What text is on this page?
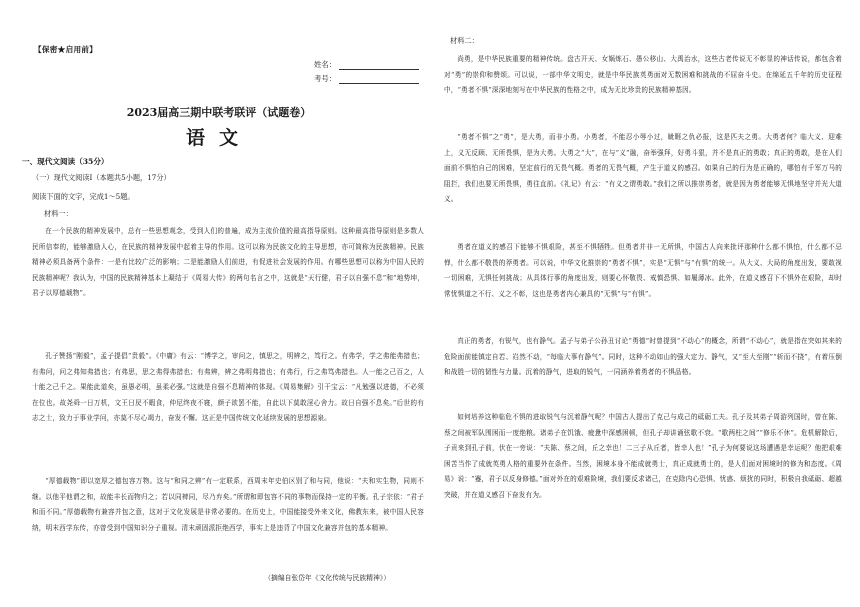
【保密★启用前】
姓名：
考号：
2023届高三期中联考联评（试题卷）
语文
一、现代文阅读（35分）
（一）现代文阅读Ⅰ（本题共5小题，17分）
阅读下面的文字，完成1～5题。
材料一：
在一个民族的精神发展中，总有一些思想观念，受到人们的普遍，成为主流价值的最高指导原则。这种最高指导原则是多数人民所信奉的，能够激励人心，在民族的精神发展中起着主导的作用。这可以称为民族文化的主导思想，亦可简称为民族精神。民族精神必须具备两个条件：一是有比较广泛的影响；二是能激励人们前进，有促进社会发展的作用。有哪些思想可以称为中国人民的民族精神呢？我认为，中国的民族精神基本上凝结于《周易大传》的两句名言之中，这就是“天行健，君子以自强不息”和“地势坤，君子以厚德载物”。
孔子赞扬“刚毅”，孟子提倡“贵毅”。《中庸》有云：“博学之，审问之，慎思之，明辨之，笃行之。有弗学，学之弗能弗措也；有弗问，问之弗知弗措也；有弗思，思之弗得弗措也；有弗辨，辨之弗明弗措也；有弗行，行之弗笃弗措也。人一能之己百之，人十能之己千之。果能此道矣，虽愚必明，虽柔必强。”这就是自强不息精神的体现。《周易集解》引干宝云：“凡勉强以进德，不必须在位也。故尧舜一日万机，文王日昃不暇食，仲尼终夜不寝，颜子欲罢不能，自此以下莫敢淫心舍力。故日自强不息矣。”后世的有志之士，致力于事业学问，亦莫不尽心竭力，奋发不懈。这正是中国传统文化延续发展的思想源泉。
“厚德载物”即以宽厚之德包容万物。这与“和同之辨”有一定联系，西周末年史伯区别了和与同，他说：“夫和实生物，同则不继。以他平他谓之和，故能丰长而物归之；若以同裨同，尽乃弃矣。”所谓和即包容不同的事物而保持一定的平衡。孔子宗依：“君子和而不同。”厚德载物有兼容并包之意，这对于文化发展是非常必要的。在历史上，中国能接受外来文化，佛教东来，被中国人民容纳，明末西学东传，亦曾受到中国知识分子重视。清末顽固派拒绝西学，事实上是违背了中国文化兼容并包的基本精神。
（摘编自张岱年《文化传统与民族精神》）
材料二：
尚勇，是中华民族重要的精神传统。盘古开天、女娲炼石、愚公移山、大禹治水，这些古老传说无不彰显的神话传说，都包含着对“勇”的崇仰和赞颂。可以说，一部中华文明史，就是中华民族英勇面对无数困难和挑战的不屈奋斗史。在绵延五千年的历史征程中，“勇者不惧”深深地刻写在中华民族的性格之中，成为无比珍贵的民族精神基因。
“勇者不惧”之“勇”，是大勇，而非小勇。小勇者，不能忍小辱小过，眦睚之仇必报，这是匹夫之勇。大勇者何？临大义、迎难上，义无反顾、无所畏惧，是为大勇。大勇之“大”，在与“义”融，奋举强拜，好勇斗狠，并不是真正的勇敢；真正的勇敢，是在人们面前不惧怕自己的困难，坚定前行的无畏气概。勇者的无畏气概，产生于道义的感召。如果自己的行为是正确的，哪怕有千军万马的阻拦，我们也要无所畏惧，勇往直前。《礼记》有云：“有义之谓勇敢。”我们之所以推崇勇者，就是因为勇者能够无惧地坚守并光大道义。
勇者在道义的感召下能够不惧艰险，甚至不惧牺牲。但勇者并非一无所惧，中国古人向来批评那种什么都不惧怕，什么都不忌惮，什么都不敬畏的莽勇者。可以说，中华文化推崇的“勇者不惧”，实是“无惧”与“有惧”的统一。从大义、大局的角度出发，要敢视一切困难，无惧任何挑战；从具体行事的角度出发，则要心怀敬畏、戒慎恐惧、如履薄冰。此外，在道义感召下不惧外在艰险，却时常忧惧道之不行、义之不彰，这也是勇者内心兼具的“无惧”与“有惧”。
真正的勇者，有锐气，也有静气。孟子与弟子公孙丑讨论“勇德”时曾提到“不动心”的概念，所谓“不动心”，就是指在突如其来的危险面前能镇定自若、岿然不动，“每临大事有静气”。同时，这种不动如山的强大定力、静气，又“至大至刚”“斩而不挠”，有着压倒和战胜一切的韧性与力量。沉着的静气，进取的锐气，一同涵养着勇者的不惧品格。
如何培养这种临危不惧的进取锐气与沉着静气呢？中国古人提出了克己与成己的砥砺工夫。孔子及其弟子周游列国时，曾在陈、蔡之间被军队围困而一度绝粮。诸弟子在饥饿、疲惫中深感困顿，但孔子却讲诵弦歌不衰。“歌两柱之间”“修乐不休”。危机解除后，子贡来到孔子前，伏在一旁说：“夫陈、蔡之间，丘之幸也！二三子从丘者，皆幸人也！”孔子为何要说这场遭遇是幸运呢？他把艰难困苦当作了成就英勇人格的重要外在条件。当然，困境本身不能成就勇士，真正成就勇士的，是人们面对困境时的修为和态度。《周易》说：“蹇，君子以反身修德。”面对外在的艰难险境，我们要反求诸己，在克除内心恐惧、忧惑、烦扰的同时，积极自我砥砺、超越突破，并在道义感召下奋发有为。
